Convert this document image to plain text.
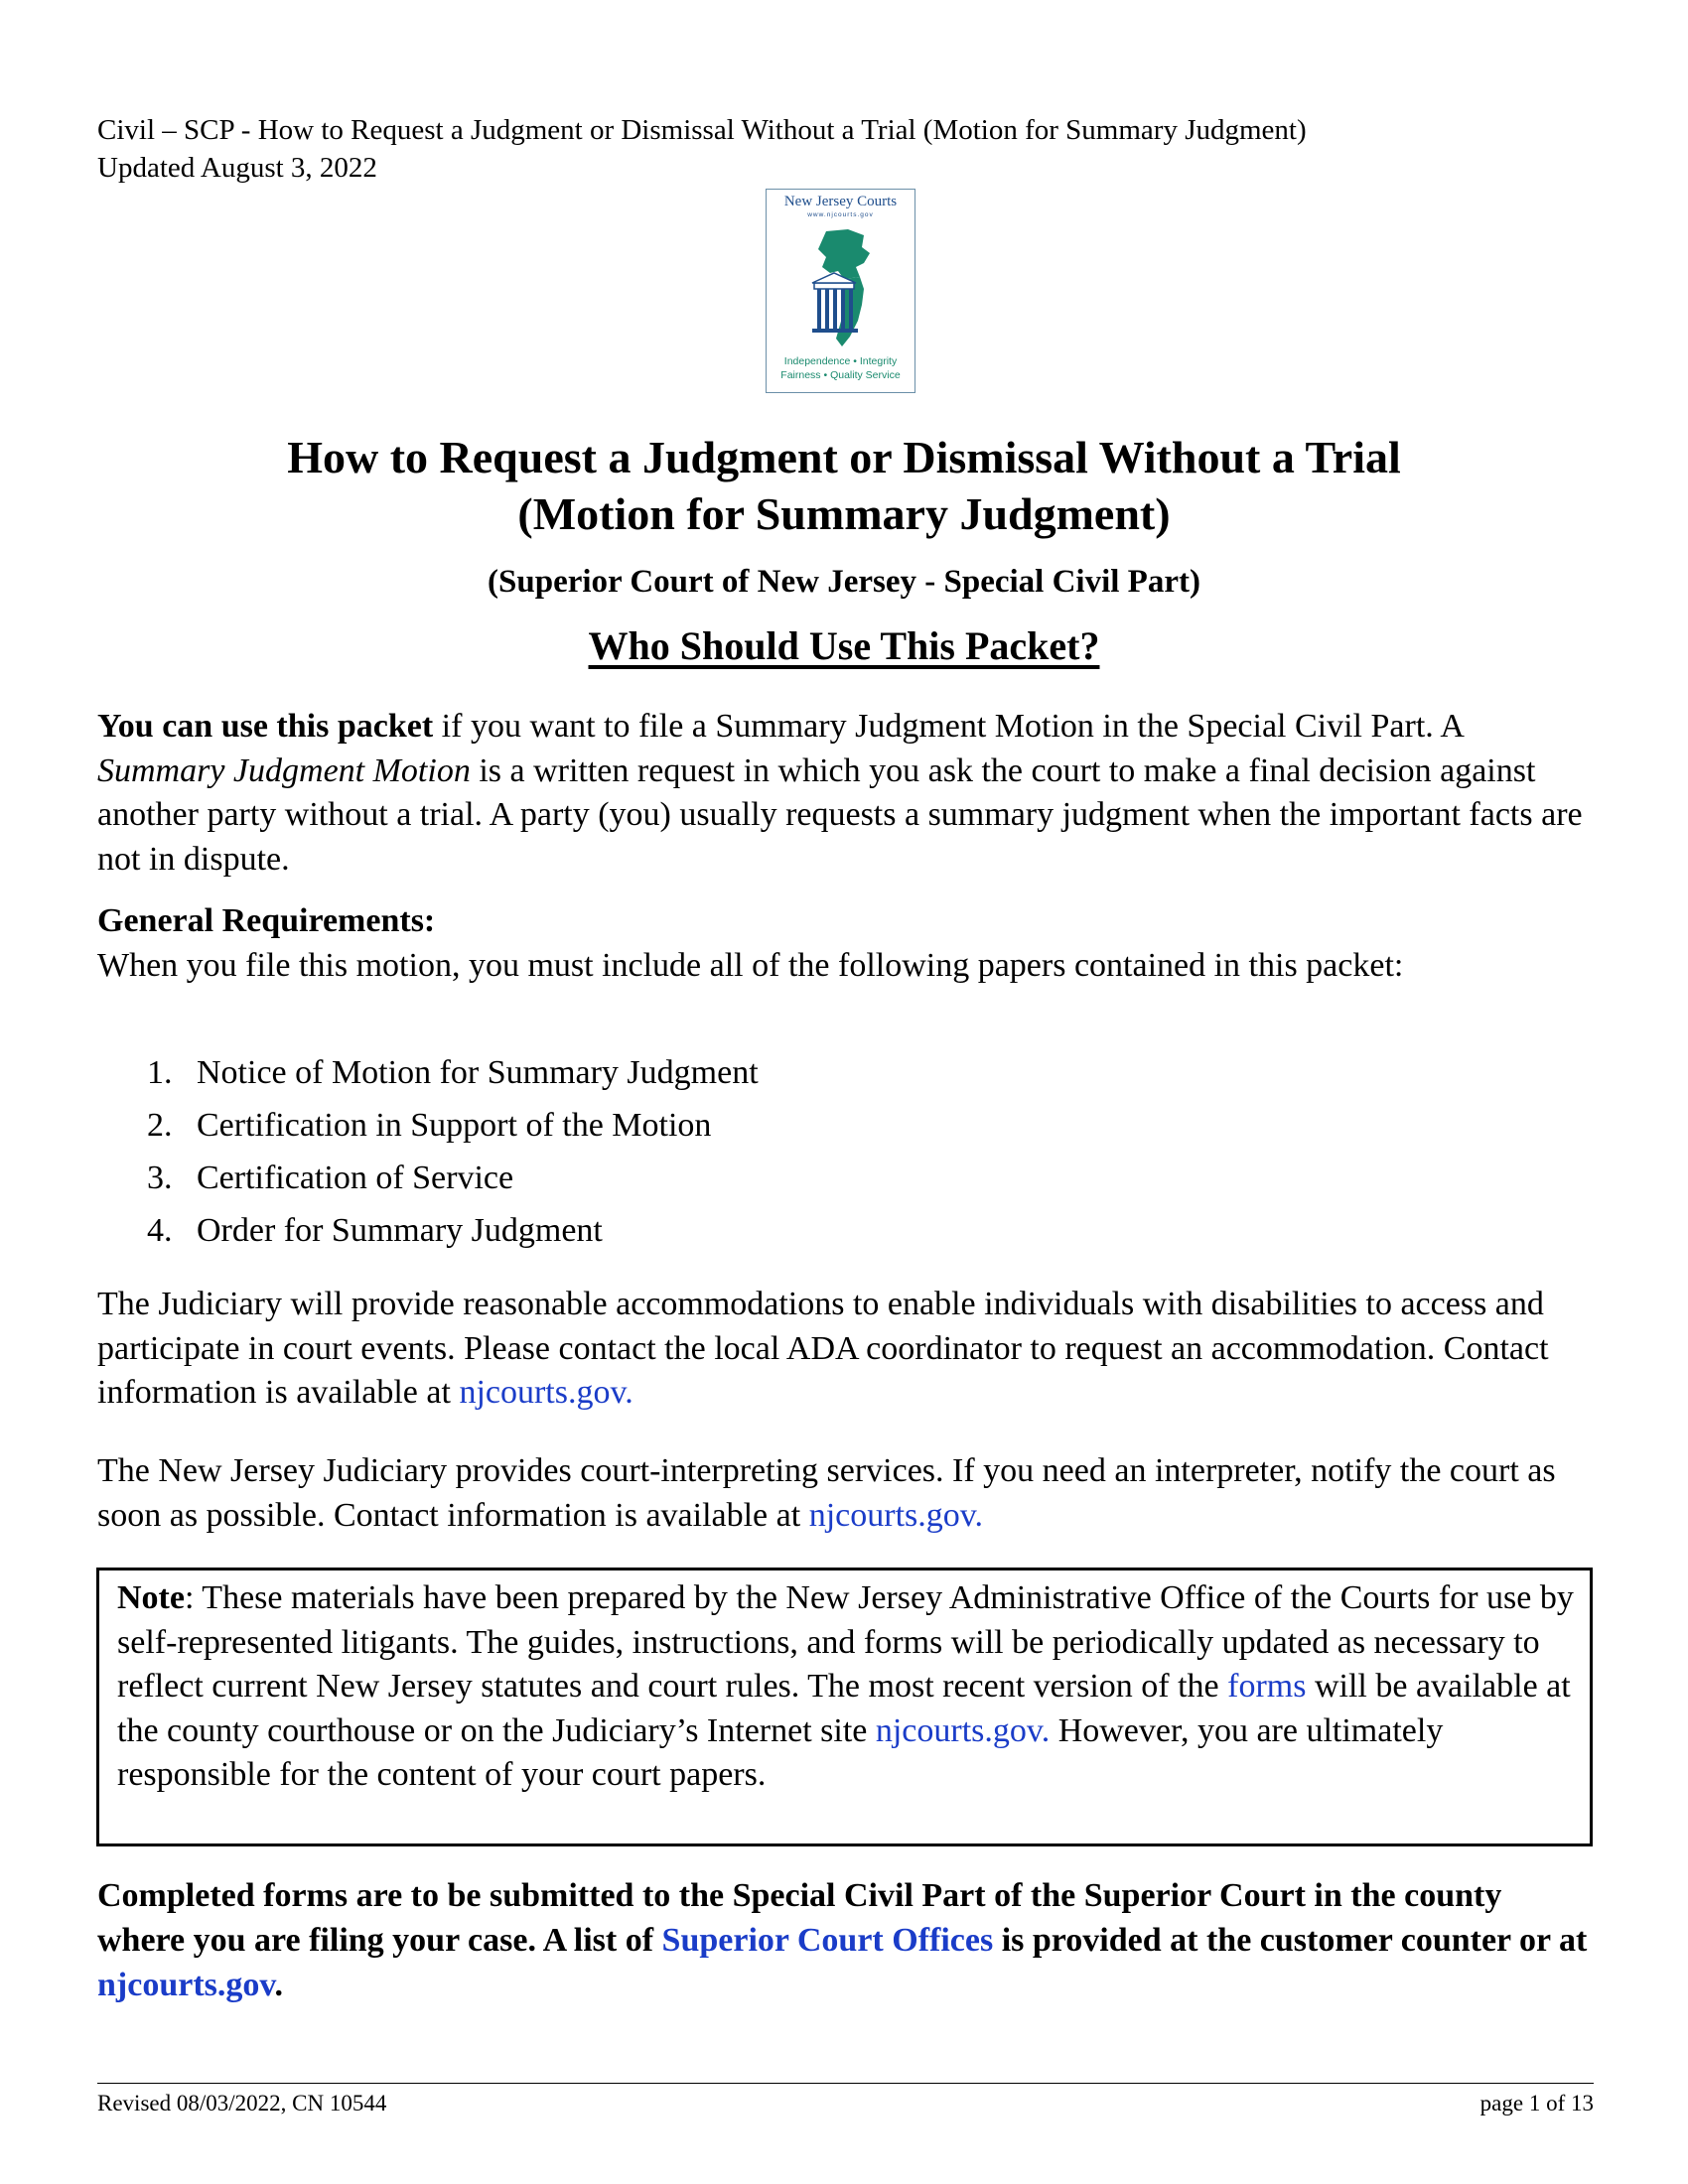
Civil – SCP - How to Request a Judgment or Dismissal Without a Trial (Motion for Summary Judgment)
Updated August 3, 2022
New Jersey Courts
www.njcourts.gov
Independence • Integrity
Fairness • Quality Service
How to Request a Judgment or Dismissal Without a Trial
(Motion for Summary Judgment)
(Superior Court of New Jersey - Special Civil Part)
Who Should Use This Packet?
You can use this packet if you want to file a Summary Judgment Motion in the Special Civil Part. A Summary Judgment Motion is a written request in which you ask the court to make a final decision against another party without a trial. A party (you) usually requests a summary judgment when the important facts are not in dispute.
General Requirements:
When you file this motion, you must include all of the following papers contained in this packet:
1. Notice of Motion for Summary Judgment
2. Certification in Support of the Motion
3. Certification of Service
4. Order for Summary Judgment
The Judiciary will provide reasonable accommodations to enable individuals with disabilities to access and participate in court events. Please contact the local ADA coordinator to request an accommodation. Contact information is available at njcourts.gov.
The New Jersey Judiciary provides court-interpreting services. If you need an interpreter, notify the court as soon as possible. Contact information is available at njcourts.gov.
Note: These materials have been prepared by the New Jersey Administrative Office of the Courts for use by self-represented litigants. The guides, instructions, and forms will be periodically updated as necessary to reflect current New Jersey statutes and court rules. The most recent version of the forms will be available at the county courthouse or on the Judiciary’s Internet site njcourts.gov. However, you are ultimately responsible for the content of your court papers.
Completed forms are to be submitted to the Special Civil Part of the Superior Court in the county where you are filing your case. A list of Superior Court Offices is provided at the customer counter or at njcourts.gov.
Revised 08/03/2022, CN 10544	page 1 of 13
